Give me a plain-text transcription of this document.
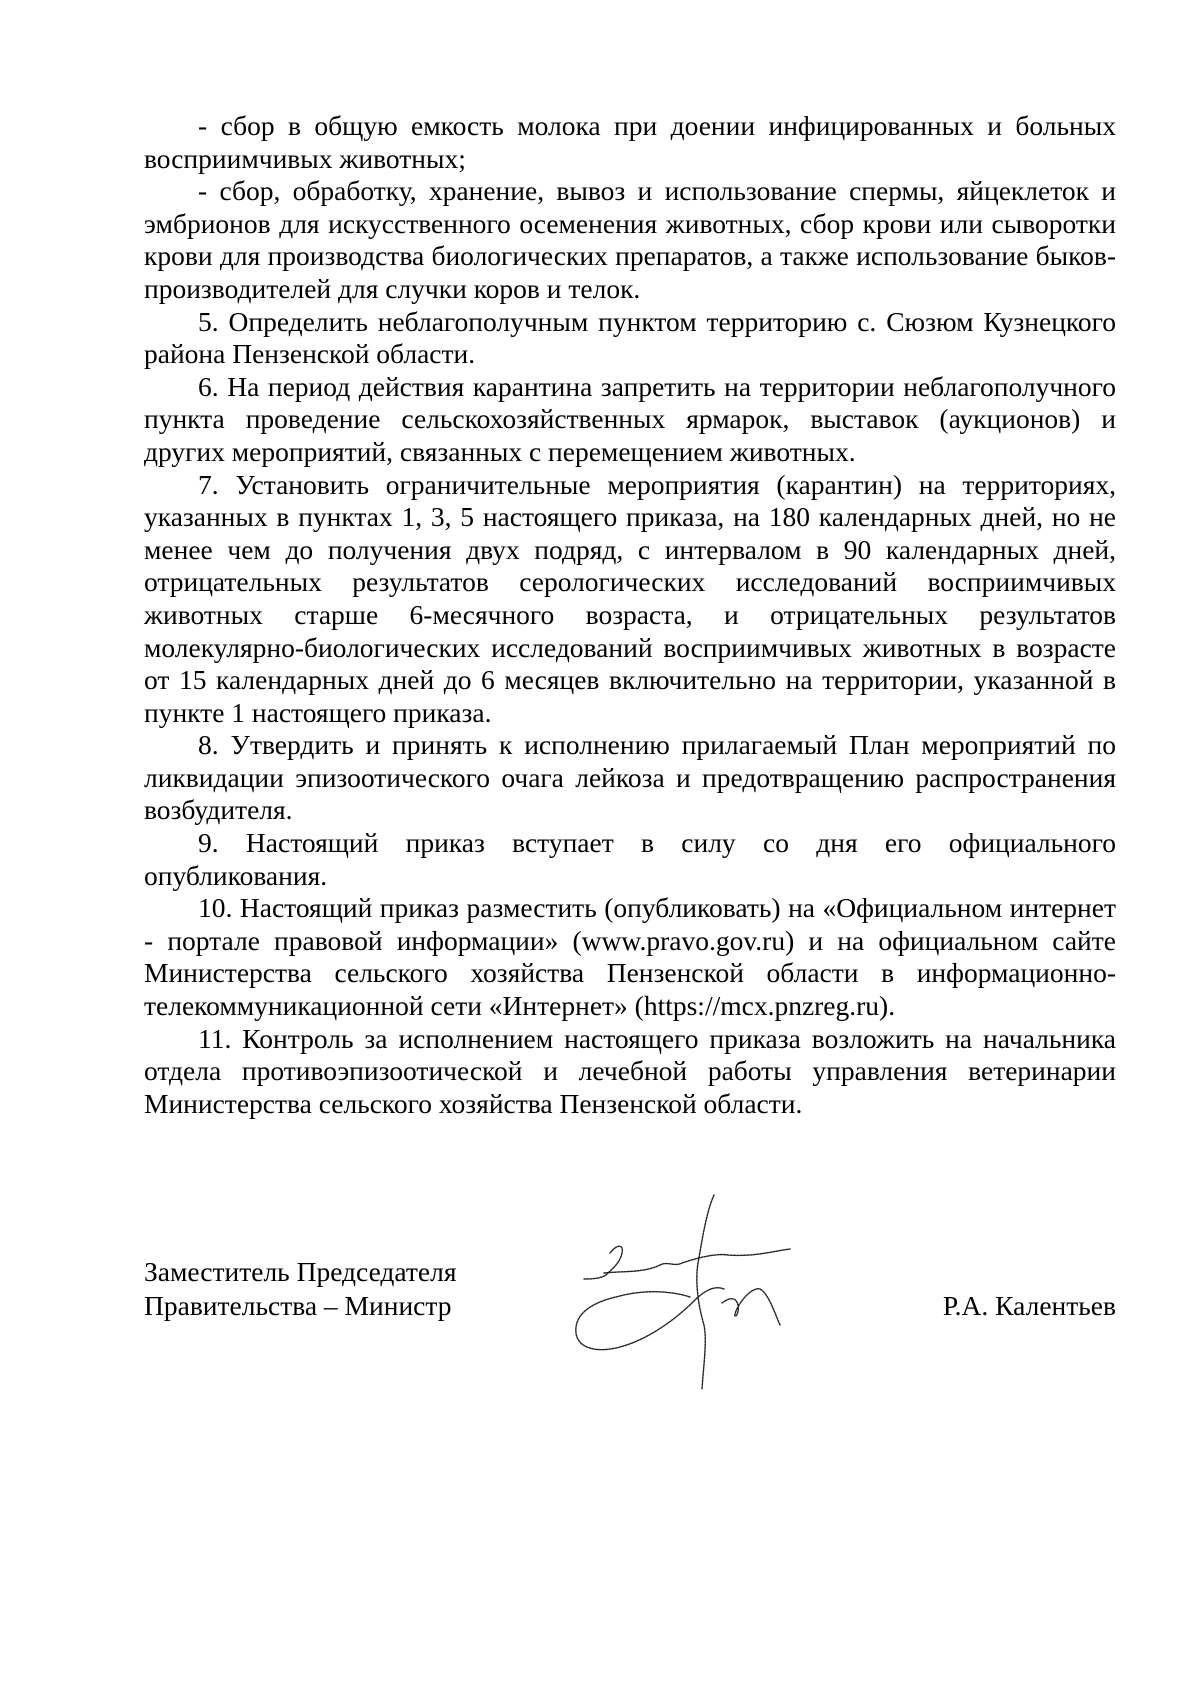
- сбор в общую емкость молока при доении инфицированных и больных восприимчивых животных;

- сбор, обработку, хранение, вывоз и использование спермы, яйцеклеток и эмбрионов для искусственного осеменения животных, сбор крови или сыворотки крови для производства биологических препаратов, а также использование быков-производителей для случки коров и телок.

5. Определить неблагополучным пунктом территорию с. Сюзюм Кузнецкого района Пензенской области.

6. На период действия карантина запретить на территории неблагополучного пункта проведение сельскохозяйственных ярмарок, выставок (аукционов) и других мероприятий, связанных с перемещением животных.

7. Установить ограничительные мероприятия (карантин) на территориях, указанных в пунктах 1, 3, 5 настоящего приказа, на 180 календарных дней, но не менее чем до получения двух подряд, с интервалом в 90 календарных дней, отрицательных результатов серологических исследований восприимчивых животных старше 6-месячного возраста, и отрицательных результатов молекулярно-биологических исследований восприимчивых животных в возрасте от 15 календарных дней до 6 месяцев включительно на территории, указанной в пункте 1 настоящего приказа.

8. Утвердить и принять к исполнению прилагаемый План мероприятий по ликвидации эпизоотического очага лейкоза и предотвращению распространения возбудителя.

9. Настоящий приказ вступает в силу со дня его официального опубликования.

10. Настоящий приказ разместить (опубликовать) на «Официальном интернет - портале правовой информации» (www.pravo.gov.ru) и на официальном сайте Министерства сельского хозяйства Пензенской области в информационно-телекоммуникационной сети «Интернет» (https://mcx.pnzreg.ru).

11. Контроль за исполнением настоящего приказа возложить на начальника отдела противоэпизоотической и лечебной работы управления ветеринарии Министерства сельского хозяйства Пензенской области.

Заместитель Председателя
Правительства – Министр	Р.А. Калентьев
